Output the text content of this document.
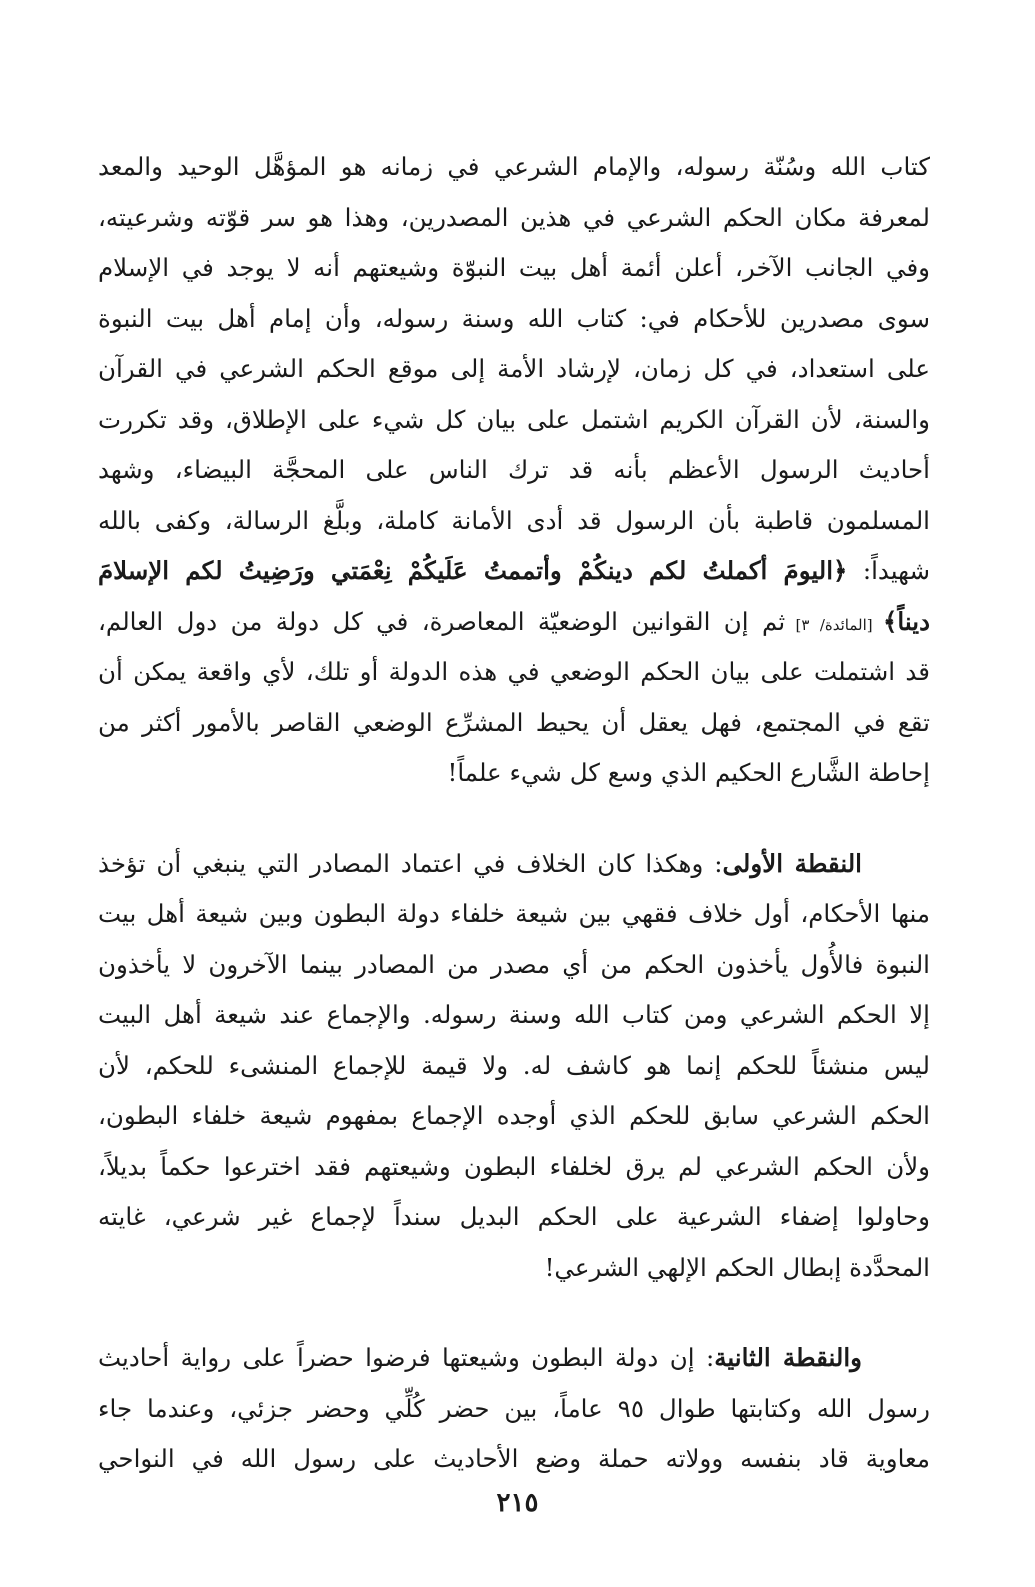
كتاب الله وسُنّة رسوله، والإمام الشرعي في زمانه هو المؤهَّل الوحيد والمعد
لمعرفة مكان الحكم الشرعي في هذين المصدرين، وهذا هو سر قوّته وشرعيته،
وفي الجانب الآخر، أعلن أئمة أهل بيت النبوّة وشيعتهم أنه لا يوجد في الإسلام
سوى مصدرين للأحكام في: كتاب الله وسنة رسوله، وأن إمام أهل بيت النبوة
على استعداد، في كل زمان، لإرشاد الأمة إلى موقع الحكم الشرعي في القرآن
والسنة، لأن القرآن الكريم اشتمل على بيان كل شيء على الإطلاق، وقد تكررت
أحاديث الرسول الأعظم بأنه قد ترك الناس على المحجَّة البيضاء، وشهد
المسلمون قاطبة بأن الرسول قد أدى الأمانة كاملة، وبلَّغ الرسالة، وكفى بالله
شهيداً: ﴿اليومَ أكملتُ لكم دينكُمْ وأتممتُ عَلَيكُمْ نِعْمَتي ورَضِيتُ لكم الإسلامَ
ديناً﴾ [المائدة/ ٣] ثم إن القوانين الوضعيّة المعاصرة، في كل دولة من دول العالم،
قد اشتملت على بيان الحكم الوضعي في هذه الدولة أو تلك، لأي واقعة يمكن أن
تقع في المجتمع، فهل يعقل أن يحيط المشرِّع الوضعي القاصر بالأمور أكثر من
إحاطة الشَّارع الحكيم الذي وسع كل شيء علماً!
النقطة الأولى: وهكذا كان الخلاف في اعتماد المصادر التي ينبغي أن تؤخذ
منها الأحكام، أول خلاف فقهي بين شيعة خلفاء دولة البطون وبين شيعة أهل بيت
النبوة فالأُول يأخذون الحكم من أي مصدر من المصادر بينما الآخرون لا يأخذون
إلا الحكم الشرعي ومن كتاب الله وسنة رسوله. والإجماع عند شيعة أهل البيت
ليس منشئاً للحكم إنما هو كاشف له. ولا قيمة للإجماع المنشىء للحكم، لأن
الحكم الشرعي سابق للحكم الذي أوجده الإجماع بمفهوم شيعة خلفاء البطون،
ولأن الحكم الشرعي لم يرق لخلفاء البطون وشيعتهم فقد اخترعوا حكماً بديلاً،
وحاولوا إضفاء الشرعية على الحكم البديل سنداً لإجماع غير شرعي، غايته
المحدَّدة إبطال الحكم الإلهي الشرعي!
والنقطة الثانية: إن دولة البطون وشيعتها فرضوا حضراً على رواية أحاديث
رسول الله وكتابتها طوال ٩٥ عاماً، بين حضر كُلِّي وحضر جزئي، وعندما جاء
معاوية قاد بنفسه وولاته حملة وضع الأحاديث على رسول الله في النواحي
٢١٥
